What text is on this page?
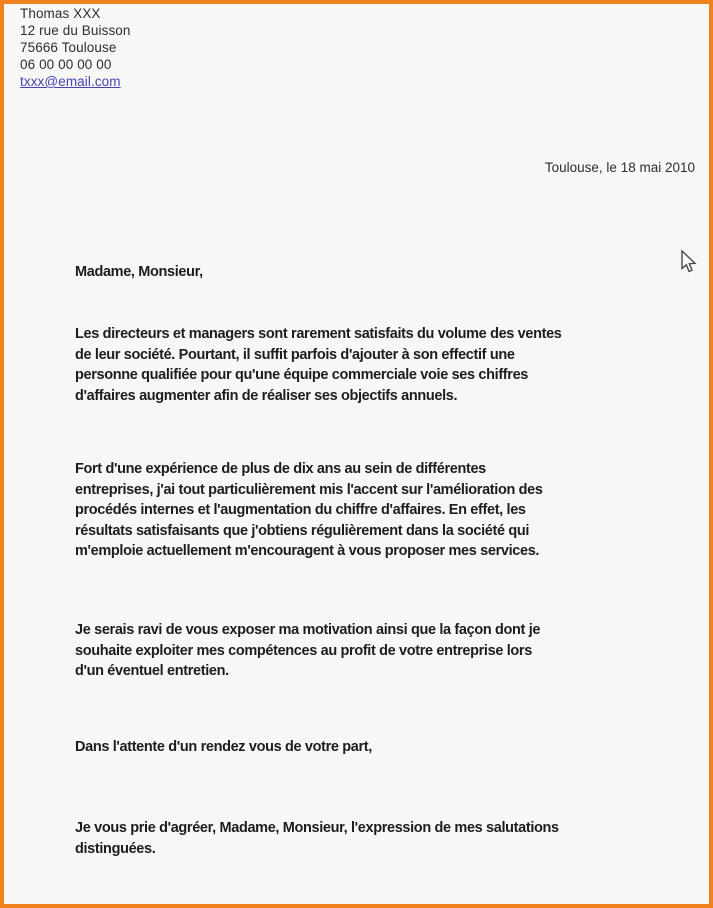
Thomas XXX
12 rue du Buisson
75666 Toulouse
06 00 00 00 00
txxx@email.com
Toulouse, le 18 mai 2010
Madame, Monsieur,
Les directeurs et managers sont rarement satisfaits du volume des ventes
de leur société. Pourtant, il suffit parfois d'ajouter à son effectif une
personne qualifiée pour qu'une équipe commerciale voie ses chiffres
d'affaires augmenter afin de réaliser ses objectifs annuels.
Fort d'une expérience de plus de dix ans au sein de différentes
entreprises, j'ai tout particulièrement mis l'accent sur l'amélioration des
procédés internes et l'augmentation du chiffre d'affaires. En effet, les
résultats satisfaisants que j'obtiens régulièrement dans la société qui
m'emploie actuellement m'encouragent à vous proposer mes services.
Je serais ravi de vous exposer ma motivation ainsi que la façon dont je
souhaite exploiter mes compétences au profit de votre entreprise lors
d'un éventuel entretien.
Dans l'attente d'un rendez vous de votre part,
Je vous prie d'agréer, Madame, Monsieur, l'expression de mes salutations
distinguées.
